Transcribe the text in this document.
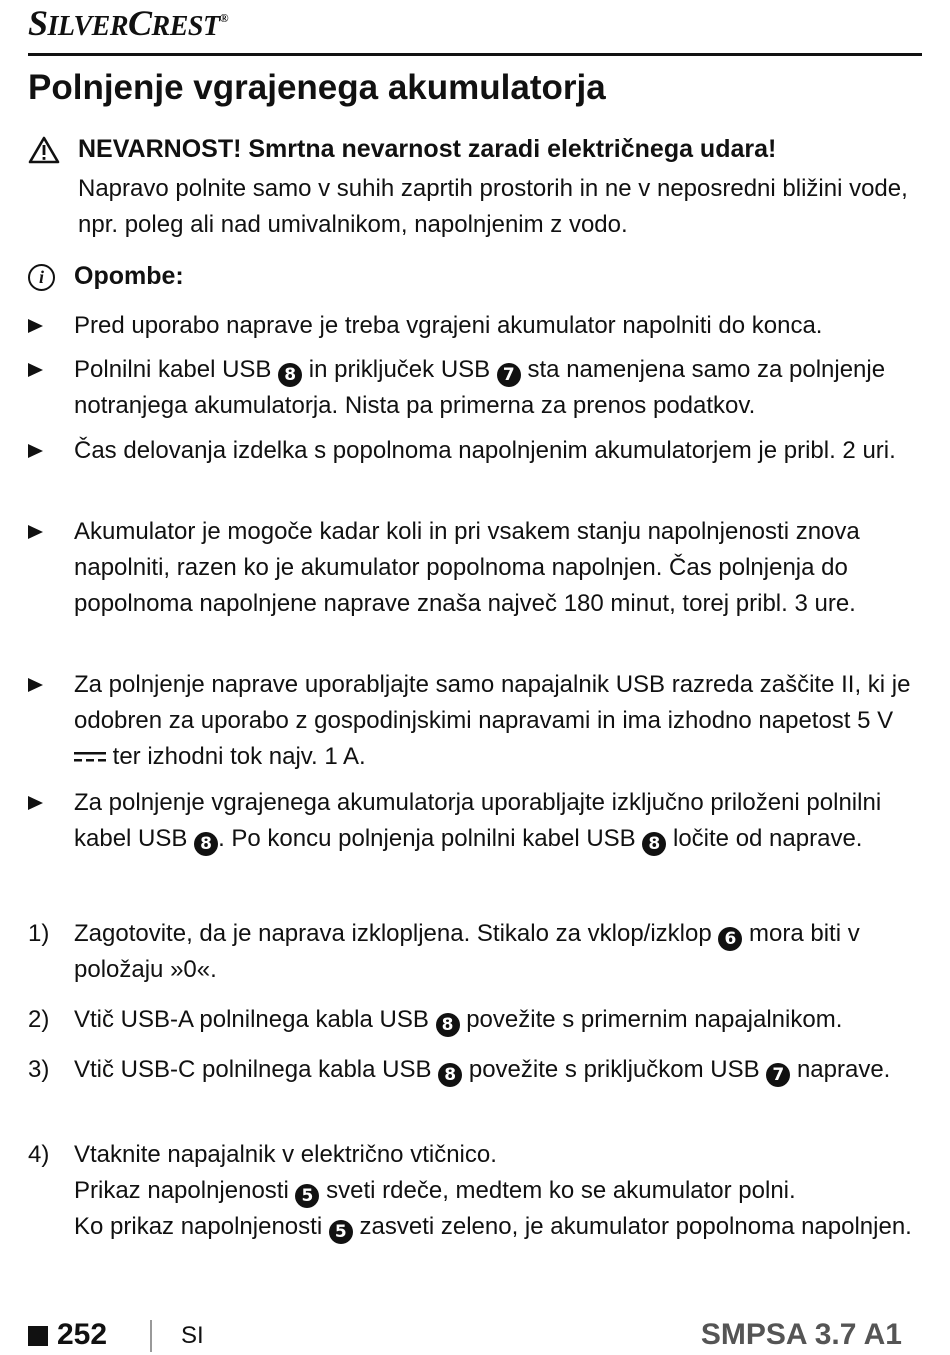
SILVERCREST®
Polnjenje vgrajenega akumulatorja
NEVARNOST! Smrtna nevarnost zaradi električnega udara!
Napravo polnite samo v suhih zaprtih prostorih in ne v neposredni bližini vode, npr. poleg ali nad umivalnikom, napolnjenim z vodo.
i	Opombe:
Pred uporabo naprave je treba vgrajeni akumulator napolniti do konca.
Polnilni kabel USB 8 in priključek USB 7 sta namenjena samo za polnjenje notranjega akumulatorja. Nista pa primerna za prenos podatkov.
Čas delovanja izdelka s popolnoma napolnjenim akumulatorjem je pribl. 2 uri.
Akumulator je mogoče kadar koli in pri vsakem stanju napolnjenosti znova napolniti, razen ko je akumulator popolnoma napolnjen. Čas polnjenja do popolnoma napolnjene naprave znaša največ 180 minut, torej pribl. 3 ure.
Za polnjenje naprave uporabljajte samo napajalnik USB razreda zaščite II, ki je odobren za uporabo z gospodinjskimi napravami in ima izhodno napetost 5 V  ter izhodni tok najv. 1 A.
Za polnjenje vgrajenega akumulatorja uporabljajte izključno priloženi polnilni kabel USB 8 . Po koncu polnjenja polnilni kabel USB 8 ločite od naprave.
1) Zagotovite, da je naprava izklopljena. Stikalo za vklop/izklop 6 mora biti v položaju »0«.
2) Vtič USB-A polnilnega kabla USB 8 povežite s primernim napajalnikom.
3) Vtič USB-C polnilnega kabla USB 8 povežite s priključkom USB 7 naprave.
4) Vtaknite napajalnik v električno vtičnico.
Prikaz napolnjenosti 5 sveti rdeče, medtem ko se akumulator polni.
Ko prikaz napolnjenosti 5 zasveti zeleno, je akumulator popolnoma napolnjen.
252	SI	SMPSA 3.7 A1
